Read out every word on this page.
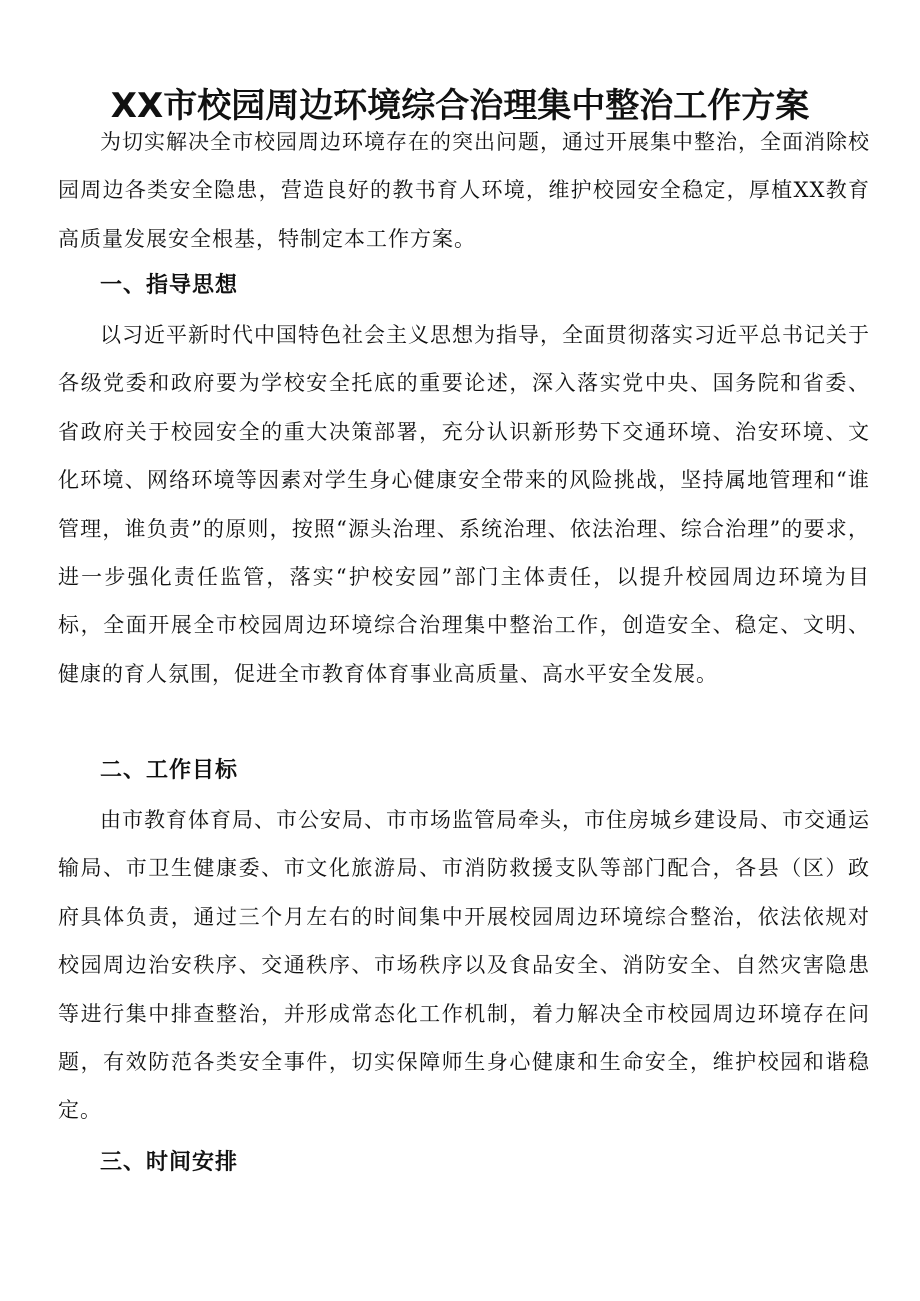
XX市校园周边环境综合治理集中整治工作方案

为切实解决全市校园周边环境存在的突出问题，通过开展集中整治，全面消除校园周边各类安全隐患，营造良好的教书育人环境，维护校园安全稳定，厚植XX教育高质量发展安全根基，特制定本工作方案。

一、指导思想

以习近平新时代中国特色社会主义思想为指导，全面贯彻落实习近平总书记关于各级党委和政府要为学校安全托底的重要论述，深入落实党中央、国务院和省委、省政府关于校园安全的重大决策部署，充分认识新形势下交通环境、治安环境、文化环境、网络环境等因素对学生身心健康安全带来的风险挑战，坚持属地管理和“谁管理，谁负责”的原则，按照“源头治理、系统治理、依法治理、综合治理”的要求，进一步强化责任监管，落实“护校安园”部门主体责任，以提升校园周边环境为目标，全面开展全市校园周边环境综合治理集中整治工作，创造安全、稳定、文明、健康的育人氛围，促进全市教育体育事业高质量、高水平安全发展。

二、工作目标

由市教育体育局、市公安局、市市场监管局牵头，市住房城乡建设局、市交通运输局、市卫生健康委、市文化旅游局、市消防救援支队等部门配合，各县（区）政府具体负责，通过三个月左右的时间集中开展校园周边环境综合整治，依法依规对校园周边治安秩序、交通秩序、市场秩序以及食品安全、消防安全、自然灾害隐患等进行集中排查整治，并形成常态化工作机制，着力解决全市校园周边环境存在问题，有效防范各类安全事件，切实保障师生身心健康和生命安全，维护校园和谐稳定。

三、时间安排
